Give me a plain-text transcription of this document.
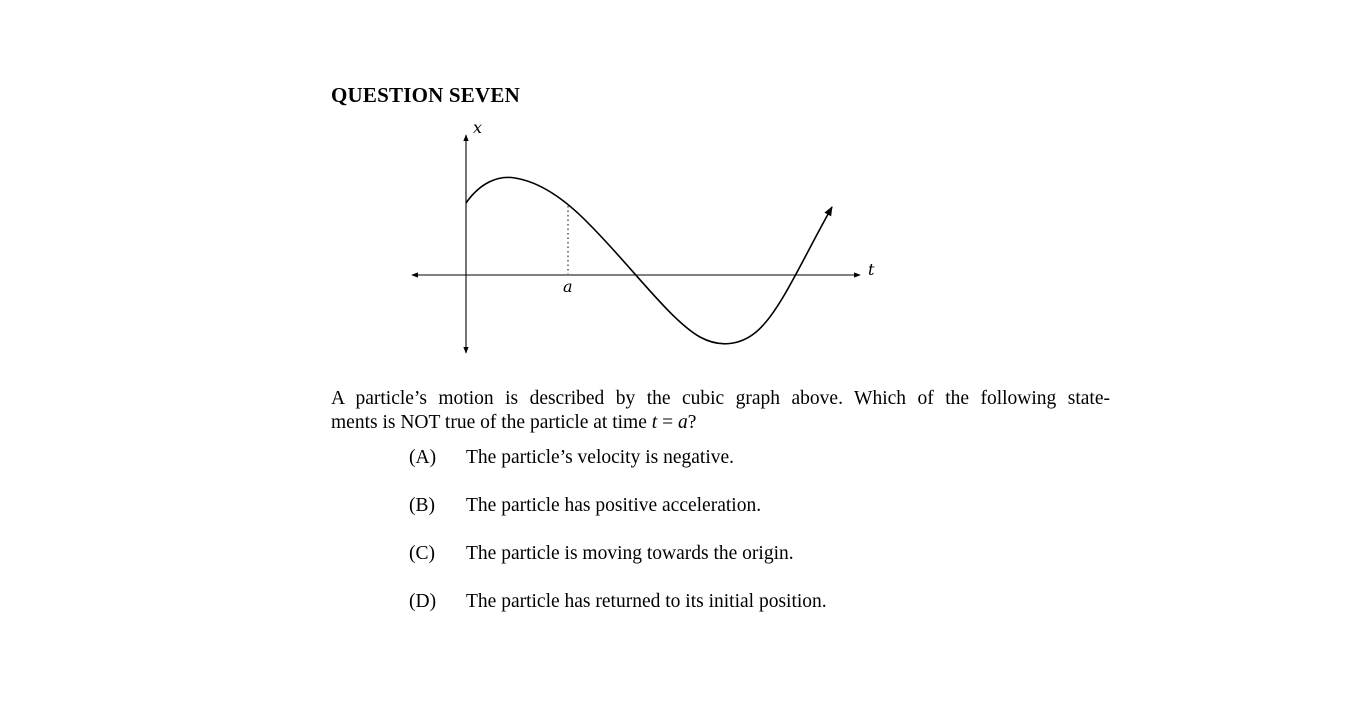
QUESTION SEVEN
x
t
a
A particle’s motion is described by the cubic graph above. Which of the following state-
ments is NOT true of the particle at time t = a?
(A) The particle’s velocity is negative.
(B) The particle has positive acceleration.
(C) The particle is moving towards the origin.
(D) The particle has returned to its initial position.
